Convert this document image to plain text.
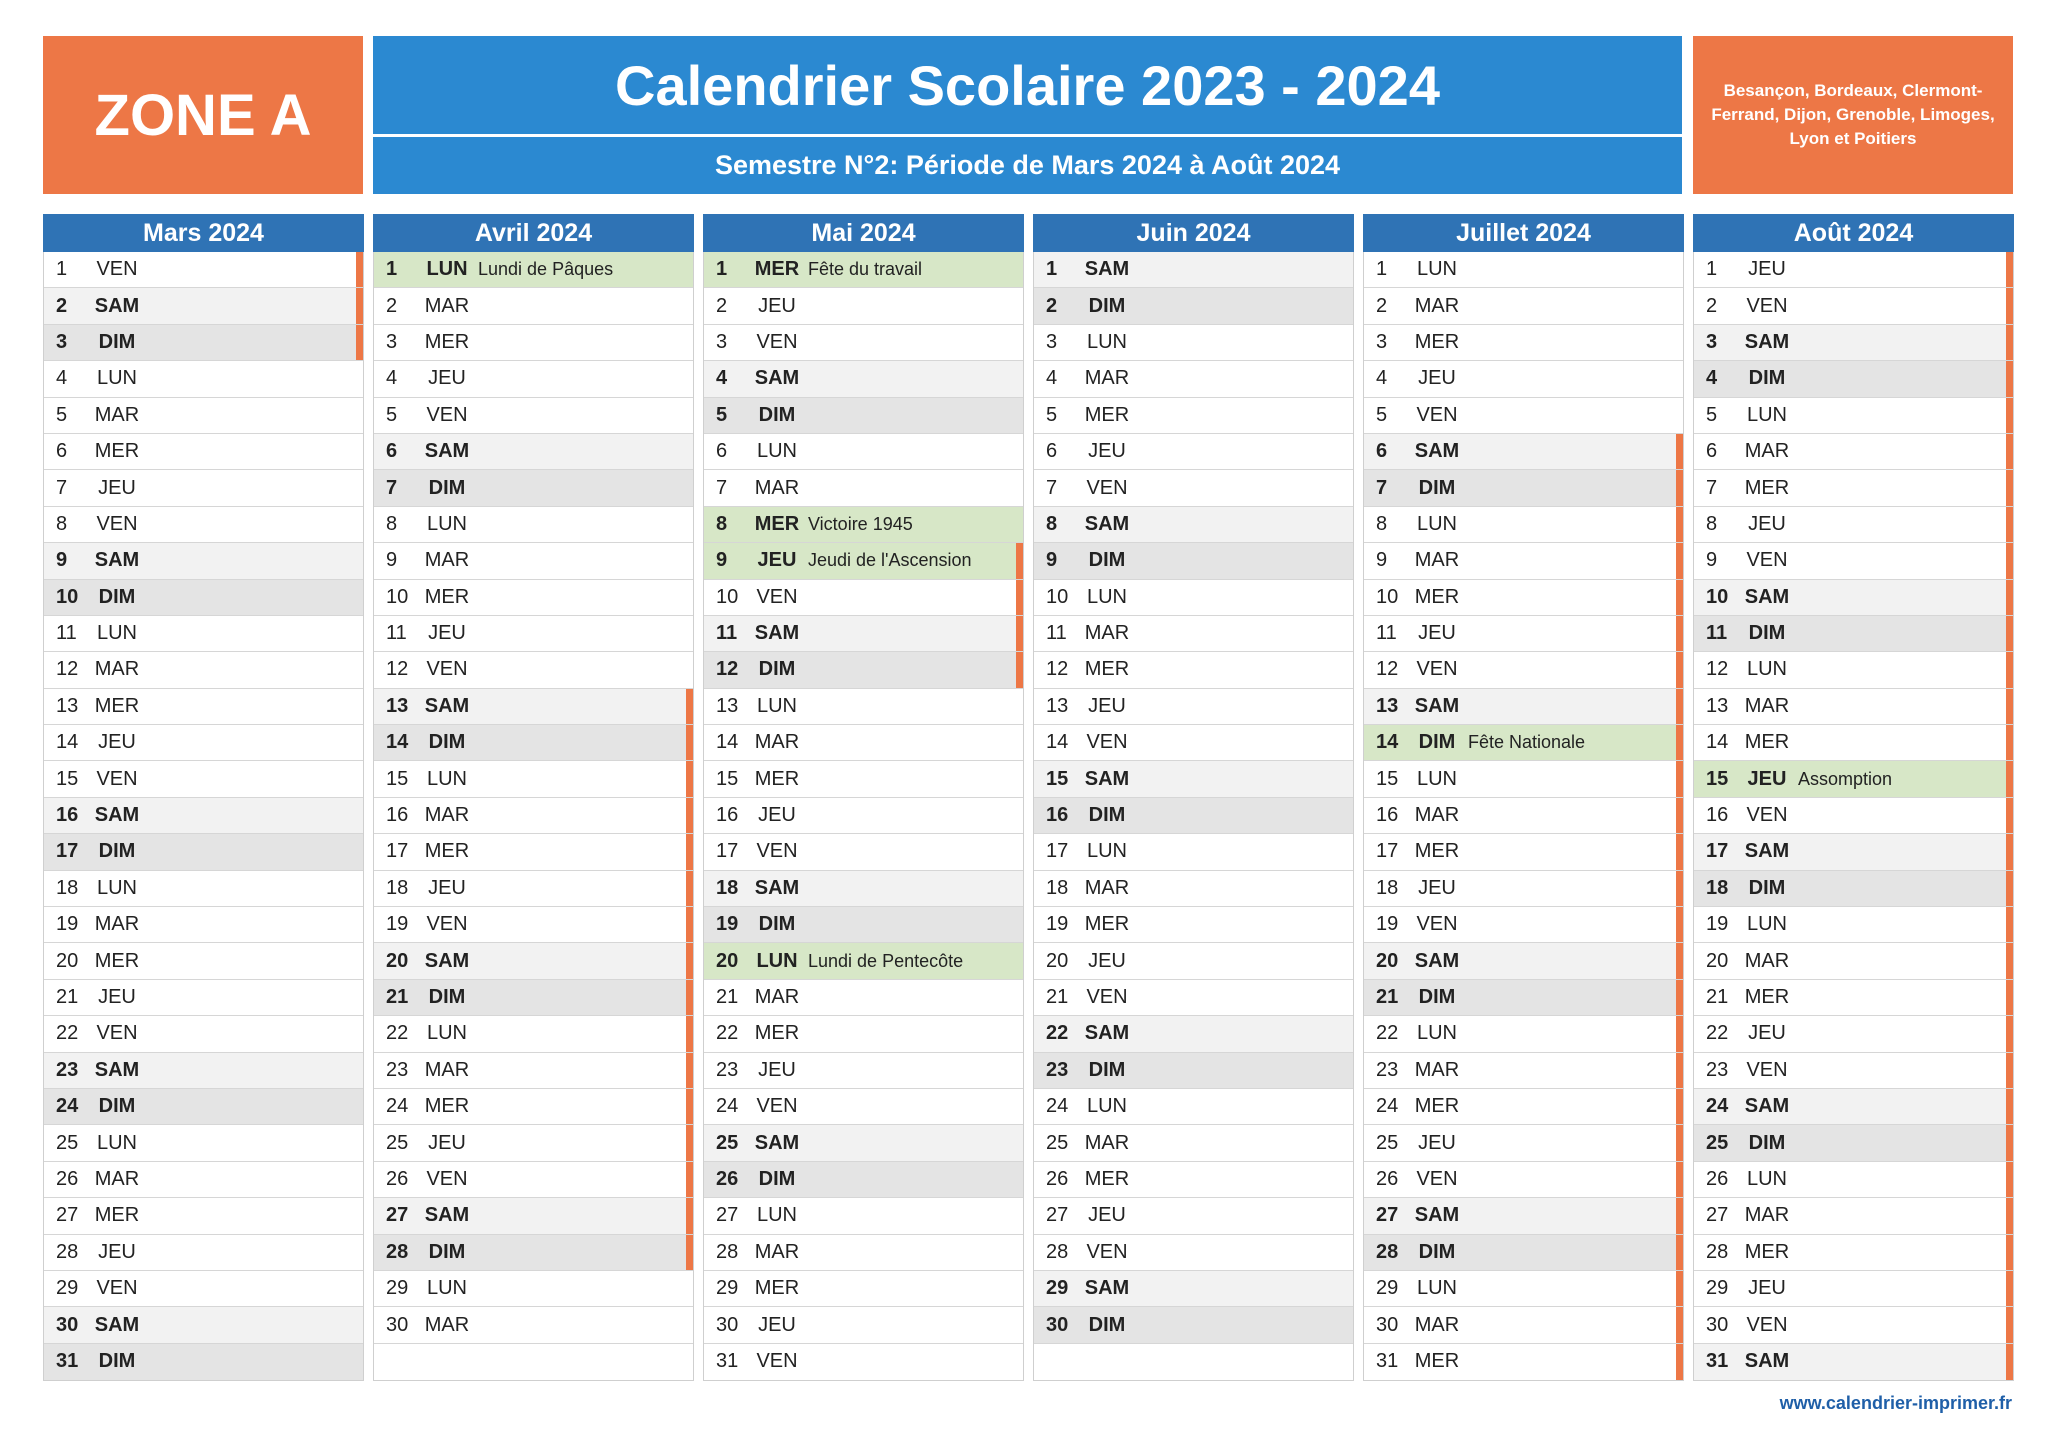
ZONE A	Calendrier Scolaire 2023 - 2024
Semestre N°2: Période de Mars 2024 à Août 2024
Besançon, Bordeaux, Clermont-Ferrand, Dijon, Grenoble, Limoges, Lyon et Poitiers
Mars 2024
1	VEN
2	SAM
3	DIM
4	LUN
5	MAR
6	MER
7	JEU
8	VEN
9	SAM
10	DIM
11	LUN
12 MAR
13 MER
14 JEU
15 VEN
16 SAM
17	DIM
18 LUN
19 MAR
20 MER
21 JEU
22 VEN
23 SAM
24	DIM
25 LUN
26 MAR
27 MER
28 JEU
29 VEN
30 SAM
31	DIM
Avril 2024
1	LUN Lundi de Pâques
2	MAR
3	MER
4	JEU
5	VEN
6	SAM
7	DIM
8	LUN
9	MAR
10 MER
11	JEU
12 VEN
13 SAM
14	DIM
15 LUN
16 MAR
17 MER
18 JEU
19 VEN
20 SAM
21	DIM
22 LUN
23 MAR
24 MER
25 JEU
26 VEN
27 SAM
28	DIM
29 LUN
30 MAR
Mai 2024
1	MER Fête du travail
2	JEU
3	VEN
4	SAM
5	DIM
6	LUN
7	MAR
8	MER Victoire 1945
9	JEU Jeudi de l'Ascension
10 VEN
11 SAM
12	DIM
13 LUN
14 MAR
15 MER
16 JEU
17 VEN
18 SAM
19	DIM
20 LUN Lundi de Pentecôte
21 MAR
22 MER
23 JEU
24 VEN
25 SAM
26	DIM
27 LUN
28 MAR
29 MER
30 JEU
31 VEN
Juin 2024
1	SAM
2	DIM
3	LUN
4	MAR
5	MER
6	JEU
7	VEN
8	SAM
9	DIM
10 LUN
11 MAR
12 MER
13 JEU
14 VEN
15 SAM
16	DIM
17 LUN
18 MAR
19 MER
20 JEU
21 VEN
22 SAM
23	DIM
24 LUN
25 MAR
26 MER
27 JEU
28 VEN
29 SAM
30	DIM
Juillet 2024
1	LUN
2	MAR
3	MER
4	JEU
5	VEN
6	SAM
7	DIM
8	LUN
9	MAR
10 MER
11	JEU
12 VEN
13 SAM
14	DIM Fête Nationale
15 LUN
16 MAR
17 MER
18 JEU
19 VEN
20 SAM
21	DIM
22 LUN
23 MAR
24 MER
25 JEU
26 VEN
27 SAM
28	DIM
29 LUN
30 MAR
31 MER
Août 2024
1	JEU
2	VEN
3	SAM
4	DIM
5	LUN
6	MAR
7	MER
8	JEU
9	VEN
10 SAM
11	DIM
12 LUN
13 MAR
14 MER
15 JEU Assomption
16 VEN
17 SAM
18	DIM
19 LUN
20 MAR
21 MER
22 JEU
23 VEN
24 SAM
25	DIM
26 LUN
27 MAR
28 MER
29 JEU
30 VEN
31 SAM
www.calendrier-imprimer.fr
